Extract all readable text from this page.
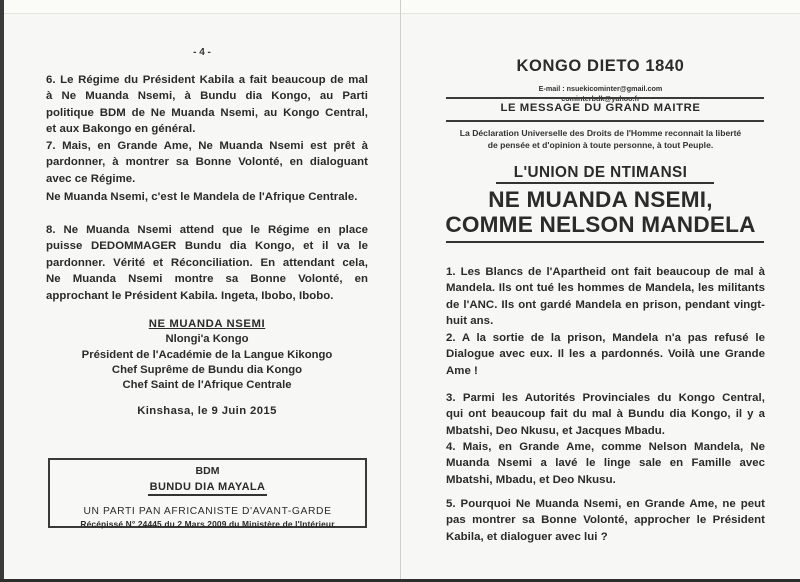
- 4 -
6. Le Régime du Président Kabila a fait beaucoup de mal
à Ne Muanda Nsemi, à Bundu dia Kongo, au Parti
politique BDM de Ne Muanda Nsemi, au Kongo Central,
et aux Bakongo en général.
7. Mais, en Grande Ame, Ne Muanda Nsemi est prêt à
pardonner, à montrer sa Bonne Volonté, en dialoguant
avec ce Régime.
Ne Muanda Nsemi, c'est le Mandela de l'Afrique Centrale.
8. Ne Muanda Nsemi attend que le Régime en place
puisse DEDOMMAGER Bundu dia Kongo, et il va le
pardonner. Vérité et Réconciliation. En attendant cela,
Ne Muanda Nsemi montre sa Bonne Volonté, en
approchant le Président Kabila. Ingeta, Ibobo, Ibobo.
NE MUANDA NSEMI
Nlongi'a Kongo
Président de l'Académie de la Langue Kikongo
Chef Suprême de Bundu dia Kongo
Chef Saint de l'Afrique Centrale
Kinshasa, le 9 Juin 2015
BDM
BUNDU DIA MAYALA
UN PARTI PAN AFRICANISTE D'AVANT-GARDE
Récépissé N° 24445 du 2 Mars 2009 du Ministère de l'Intérieur
KONGO DIETO 1840
E-mail : nsuekicominter@gmail.com
LE MESSAGE DU GRAND MAITRE
La Déclaration Universelle des Droits de l'Homme reconnait la liberté
de pensée et d'opinion à toute personne, à tout Peuple.
L'UNION DE NTIMANSI
NE MUANDA NSEMI,
COMME NELSON MANDELA
1. Les Blancs de l'Apartheid ont fait beaucoup de mal à
Mandela. Ils ont tué les hommes de Mandela, les militants
de l'ANC. Ils ont gardé Mandela en prison, pendant vingt-
huit ans.
2. A la sortie de la prison, Mandela n'a pas refusé le
Dialogue avec eux. Il les a pardonnés. Voilà une Grande
Ame !
3. Parmi les Autorités Provinciales du Kongo Central,
qui ont beaucoup fait du mal à Bundu dia Kongo, il y a
Mbatshi, Deo Nkusu, et Jacques Mbadu.
4. Mais, en Grande Ame, comme Nelson Mandela, Ne
Muanda Nsemi a lavé le linge sale en Famille avec
Mbatshi, Mbadu, et Deo Nkusu.
5. Pourquoi Ne Muanda Nsemi, en Grande Ame, ne peut
pas montrer sa Bonne Volonté, approcher le Président
Kabila, et dialoguer avec lui ?
